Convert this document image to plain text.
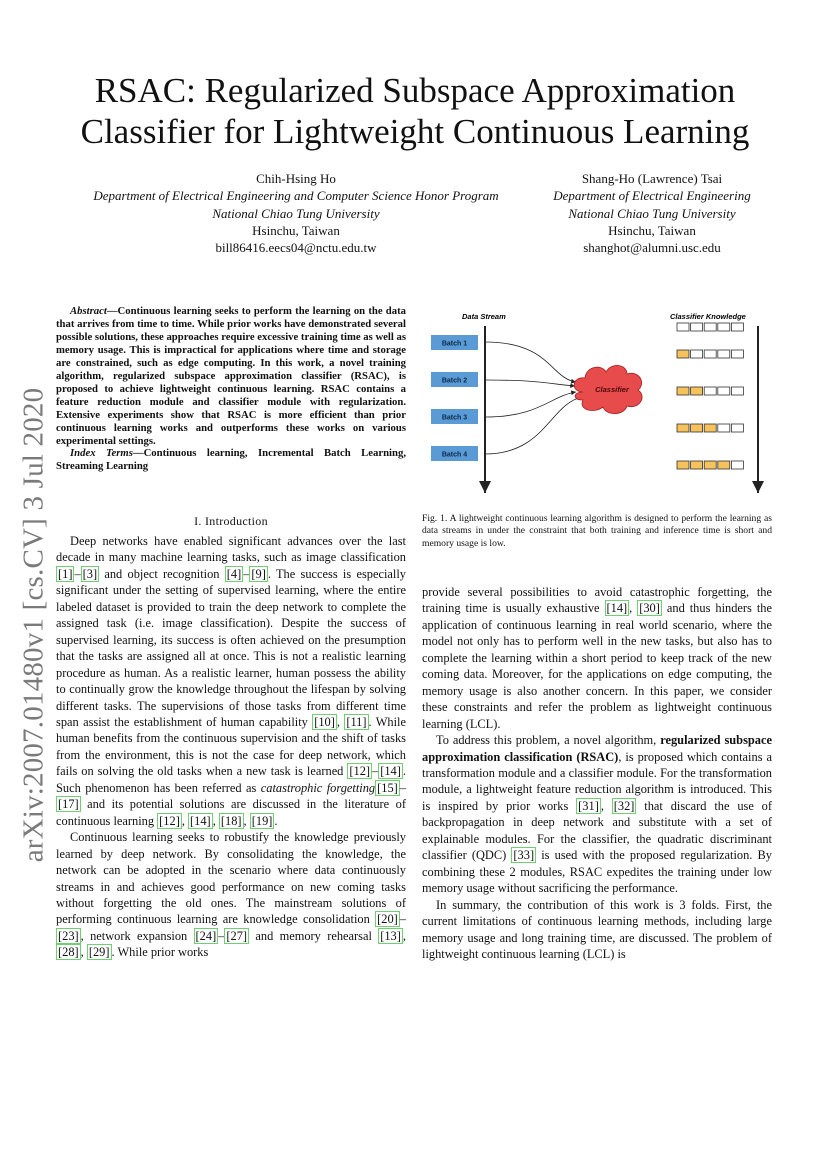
arXiv:2007.01480v1 [cs.CV] 3 Jul 2020
RSAC: Regularized Subspace Approximation Classifier for Lightweight Continuous Learning
Chih-Hsing Ho
Department of Electrical Engineering and Computer Science Honor Program
National Chiao Tung University
Hsinchu, Taiwan
bill86416.eecs04@nctu.edu.tw
Shang-Ho (Lawrence) Tsai
Department of Electrical Engineering
National Chiao Tung University
Hsinchu, Taiwan
shanghot@alumni.usc.edu

Abstract—Continuous learning seeks to perform the learning on the data that arrives from time to time. While prior works have demonstrated several possible solutions, these approaches require excessive training time as well as memory usage. This is impractical for applications where time and storage are constrained, such as edge computing. In this work, a novel training algorithm, regularized subspace approximation classifier (RSAC), is proposed to achieve lightweight continuous learning. RSAC contains a feature reduction module and classifier module with regularization. Extensive experiments show that RSAC is more efficient than prior continuous learning works and outperforms these works on various experimental settings.

Index Terms—Continuous learning, Incremental Batch Learning, Streaming Learning

I. Introduction

Deep networks have enabled significant advances over the last decade in many machine learning tasks, such as image classification [1] – [3] and object recognition [4] – [9] . The success is especially significant under the setting of supervised learning, where the entire labeled dataset is provided to train the deep network to complete the assigned task (i.e. image classification). Despite the success of supervised learning, its success is often achieved on the presumption that the tasks are assigned all at once. This is not a realistic learning procedure as human. As a realistic learner, human possess the ability to continually grow the knowledge throughout the lifespan by solving different tasks. The supervisions of those tasks from different time span assist the establishment of human capability [10] , [11] . While human benefits from the continuous supervision and the shift of tasks from the environment, this is not the case for deep network, which fails on solving the old tasks when a new task is learned [12] – [14] . Such phenomenon has been referred as catastrophic forgetting [15] –[17] and its potential solutions are discussed in the literature of continuous learning [12] , [14] , [18] , [19] .

Continuous learning seeks to robustify the knowledge previously learned by deep network. By consolidating the knowledge, the network can be adopted in the scenario where data continuously streams in and achieves good performance on new coming tasks without forgetting the old ones. The mainstream solutions of performing continuous learning are knowledge consolidation [20] –[23] , network expansion [24] – [27] and memory rehearsal [13] , [28] , [29] . While prior works

Data Stream	Classifier Knowledge
Batch 1
Batch 2
Batch 3
Batch 4
Classifier
Fig. 1. A lightweight continuous learning algorithm is designed to perform the learning as data streams in under the constraint that both training and inference time is short and memory usage is low.

provide several possibilities to avoid catastrophic forgetting, the training time is usually exhaustive [14] , [30] and thus hinders the application of continuous learning in real world scenario, where the model not only has to perform well in the new tasks, but also has to complete the learning within a short period to keep track of the new coming data. Moreover, for the applications on edge computing, the memory usage is also another concern. In this paper, we consider these constraints and refer the problem as lightweight continuous learning (LCL).

To address this problem, a novel algorithm, regularized subspace approximation classification (RSAC), is proposed which contains a transformation module and a classifier module. For the transformation module, a lightweight feature reduction algorithm is introduced. This is inspired by prior works [31] , [32] that discard the use of backpropagation in deep network and substitute with a set of explainable modules. For the classifier, the quadratic discriminant classifier (QDC) [33] is used with the proposed regularization. By combining these 2 modules, RSAC expedites the training under low memory usage without sacrificing the performance.

In summary, the contribution of this work is 3 folds. First, the current limitations of continuous learning methods, including large memory usage and long training time, are discussed. The problem of lightweight continuous learning (LCL) is
